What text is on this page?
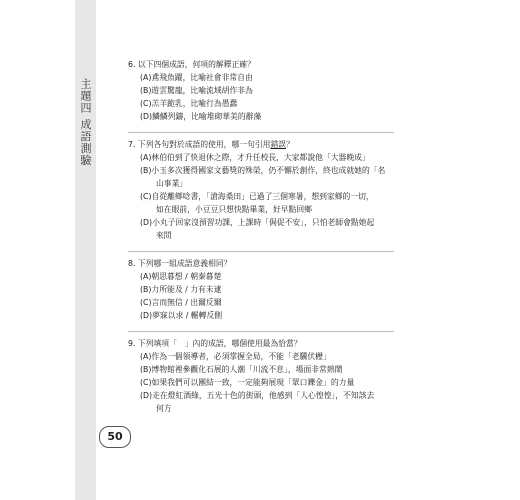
主題四 成語測驗
6. 以下四個成語，何項的解釋正確？
(A)鳶飛魚躍，比喻社會非常自由
(B)遊雲驚龍，比喻流域胡作非為
(C)羔羊跪乳，比喻行為愚蠢
(D)鱗鱗列鑄，比喻堆砌華美的辭藻
7. 下列各句對於成語的使用，哪一句引用錯誤？
(A)林伯伯到了快退休之際，才升任校長，大家都說他「大器晚成」
(B)小玉多次獲得國家文藝獎的殊榮，仍不懈於創作，終也成就她的「名
山事業」
(C)自從離鄉唸書，「滄海桑田」已過了三個寒暑，想到家鄉的一切，
如在眼前，小豆豆只想快點畢業，好早點回鄉
(D)小丸子回家沒預習功課，上課時「侷促不安」，只怕老師會點她起
來問
8. 下列哪一組成語意義相同？
(A)朝思暮想 / 朝秦暮楚
(B)力所能及 / 力有未逮
(C)言而無信 / 出爾反爾
(D)夢寐以求 / 輾轉反側
9. 下列填項「　」內的成語，哪個使用最為恰當？
(A)作為一個領導者，必須掌握全局，不能「老驥伏櫪」
(B)博物館裡參觀化石展的人潮「川流不息」，場面非常熱鬧
(C)如果我們可以團結一致，一定能夠展現「眾口鑠金」的力量
(D)走在燈紅酒綠，五光十色的街頭，他感到「人心惶惶」，不知該去
何方
50
